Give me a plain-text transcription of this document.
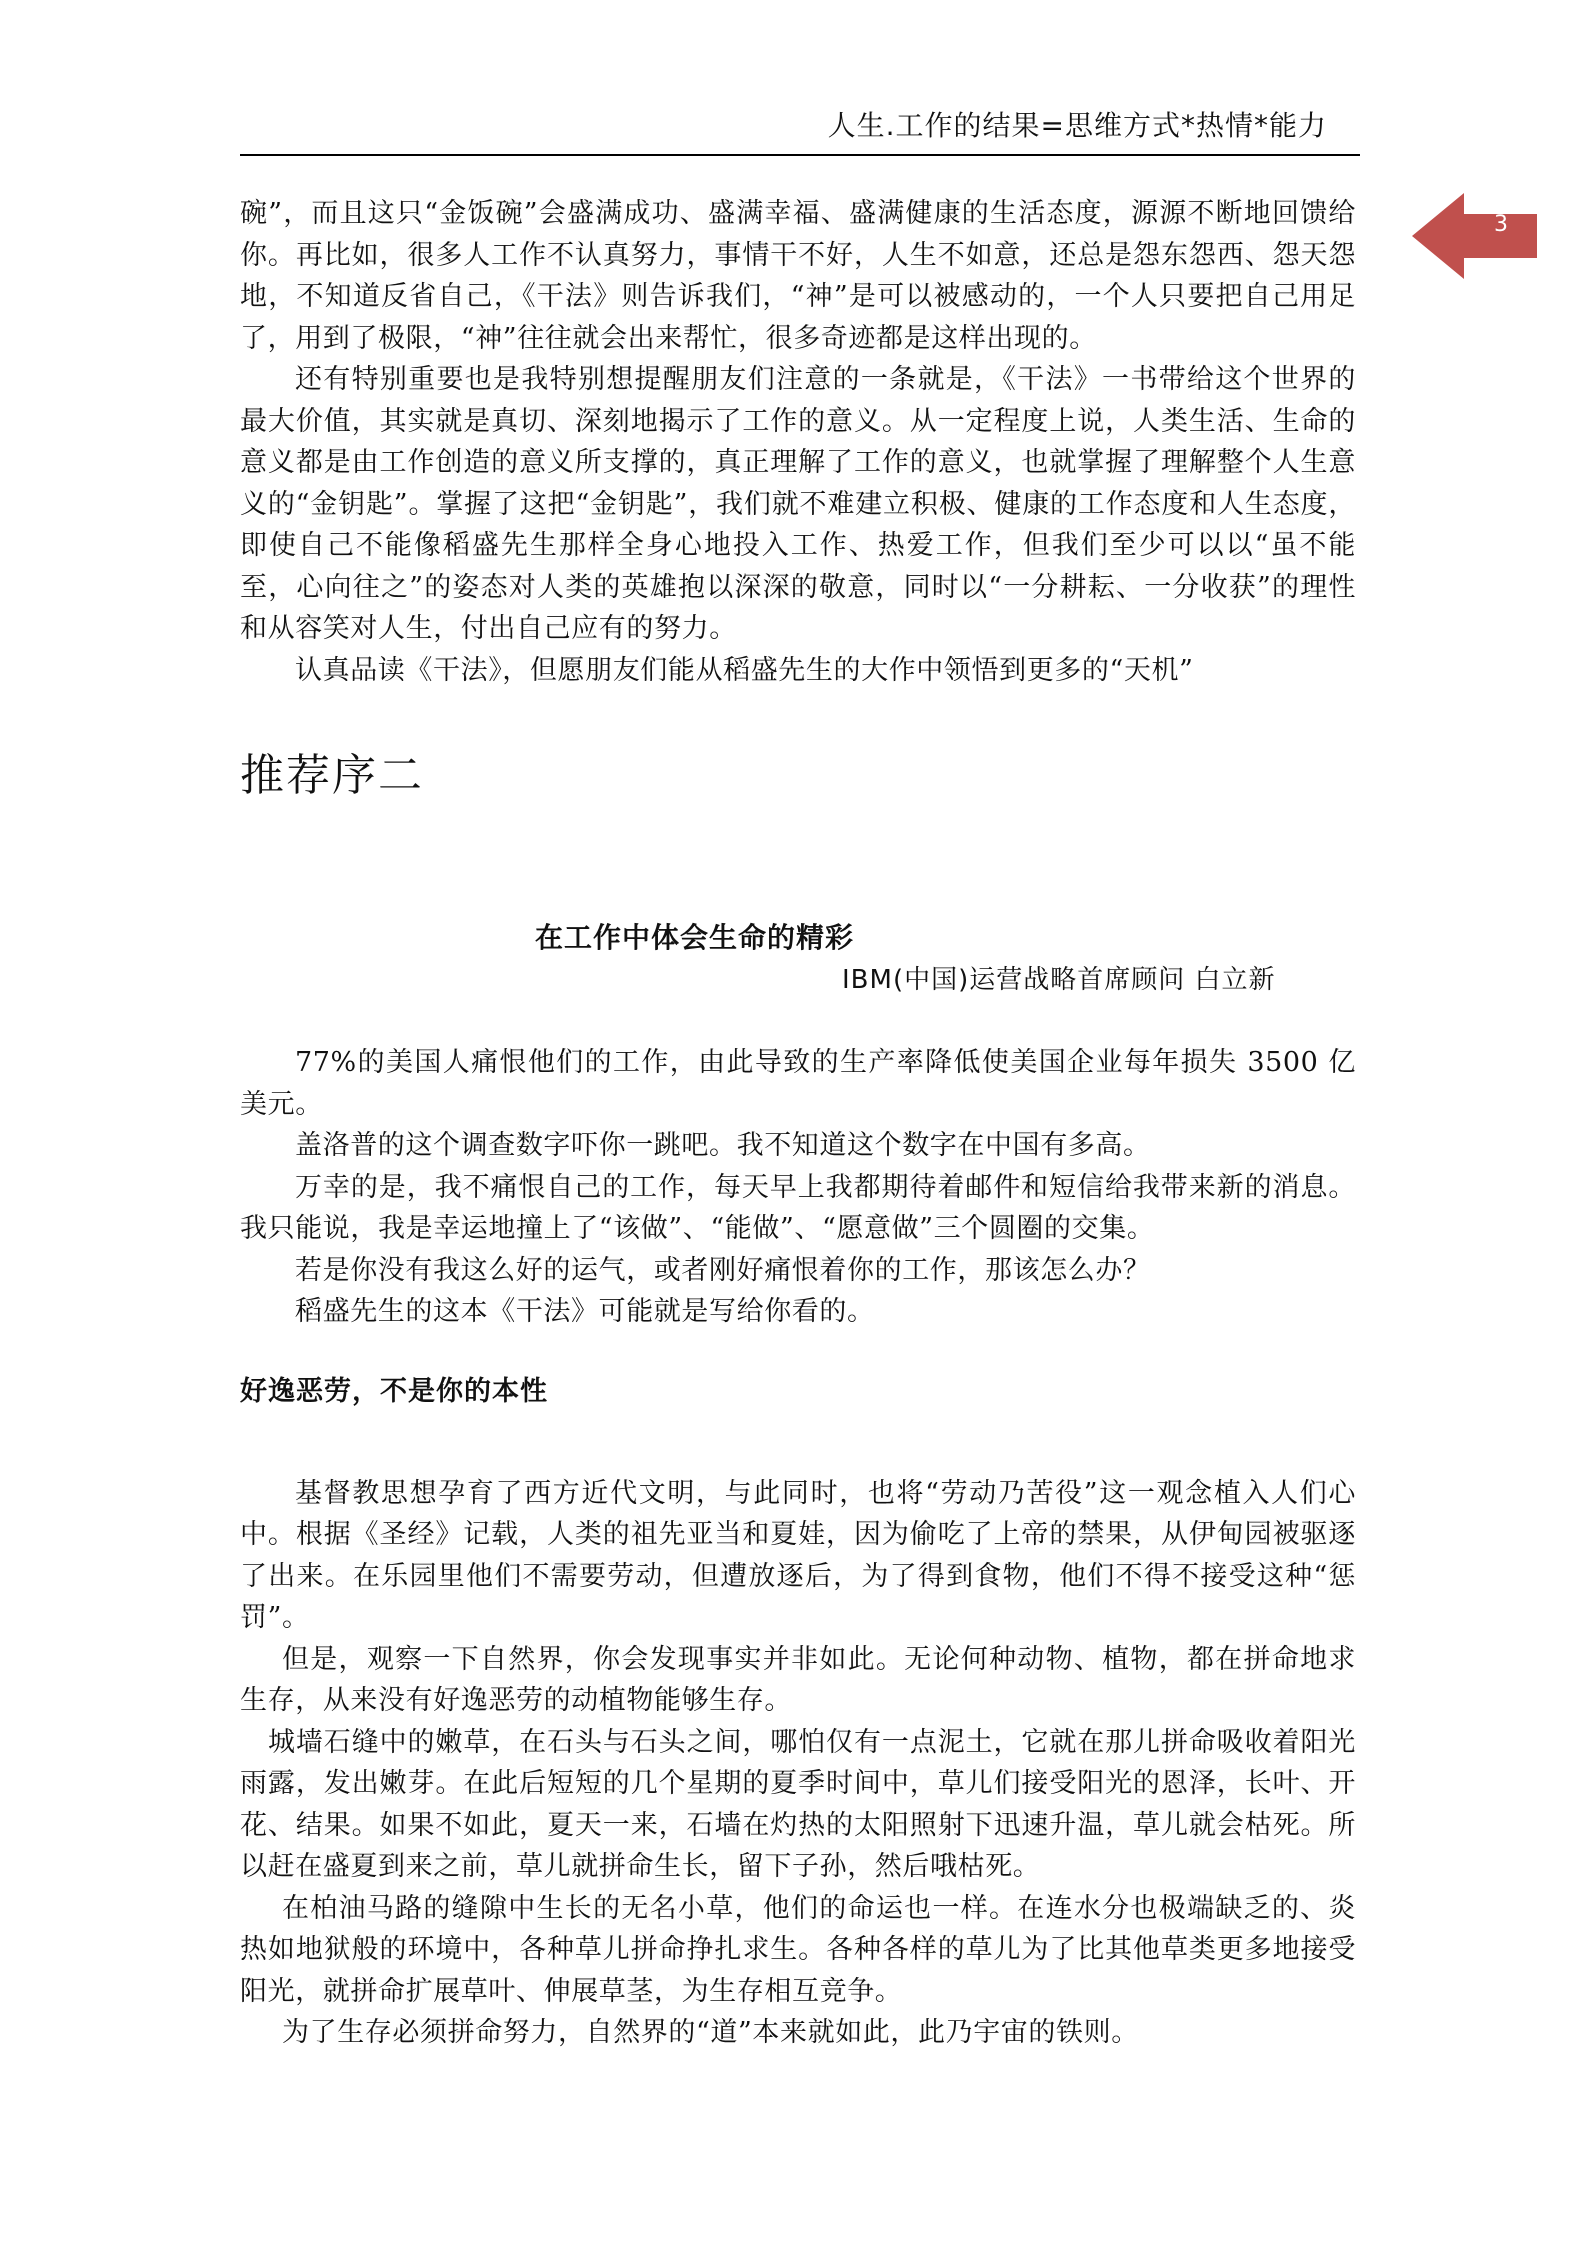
人生.工作的结果=思维方式*热情*能力
3

碗”，而且这只“金饭碗”会盛满成功、盛满幸福、盛满健康的生活态度，源源不断地回馈给你。再比如，很多人工作不认真努力，事情干不好，人生不如意，还总是怨东怨西、怨天怨地，不知道反省自己，《干法》则告诉我们，“神”是可以被感动的，一个人只要把自己用足了，用到了极限，“神”往往就会出来帮忙，很多奇迹都是这样出现的。

还有特别重要也是我特别想提醒朋友们注意的一条就是，《干法》一书带给这个世界的最大价值，其实就是真切、深刻地揭示了工作的意义。从一定程度上说，人类生活、生命的意义都是由工作创造的意义所支撑的，真正理解了工作的意义，也就掌握了理解整个人生意义的“金钥匙”。掌握了这把“金钥匙”，我们就不难建立积极、健康的工作态度和人生态度，即使自己不能像稻盛先生那样全身心地投入工作、热爱工作，但我们至少可以以“虽不能至，心向往之”的姿态对人类的英雄抱以深深的敬意，同时以“一分耕耘、一分收获”的理性和从容笑对人生，付出自己应有的努力。

认真品读《干法》，但愿朋友们能从稻盛先生的大作中领悟到更多的“天机”

推荐序二
在工作中体会生命的精彩
IBM(中国)运营战略首席顾问 白立新

77%的美国人痛恨他们的工作，由此导致的生产率降低使美国企业每年损失 3500 亿美元。

盖洛普的这个调查数字吓你一跳吧。我不知道这个数字在中国有多高。

万幸的是，我不痛恨自己的工作，每天早上我都期待着邮件和短信给我带来新的消息。我只能说，我是幸运地撞上了“该做”、“能做”、“愿意做”三个圆圈的交集。

若是你没有我这么好的运气，或者刚好痛恨着你的工作，那该怎么办？

稻盛先生的这本《干法》可能就是写给你看的。

好逸恶劳，不是你的本性

基督教思想孕育了西方近代文明，与此同时，也将“劳动乃苦役”这一观念植入人们心中。根据《圣经》记载，人类的祖先亚当和夏娃，因为偷吃了上帝的禁果，从伊甸园被驱逐了出来。在乐园里他们不需要劳动，但遭放逐后，为了得到食物，他们不得不接受这种“惩罚”。

但是，观察一下自然界，你会发现事实并非如此。无论何种动物、植物，都在拼命地求生存，从来没有好逸恶劳的动植物能够生存。

城墙石缝中的嫩草，在石头与石头之间，哪怕仅有一点泥土，它就在那儿拼命吸收着阳光雨露，发出嫩芽。在此后短短的几个星期的夏季时间中，草儿们接受阳光的恩泽，长叶、开花、结果。如果不如此，夏天一来，石墙在灼热的太阳照射下迅速升温，草儿就会枯死。所以赶在盛夏到来之前，草儿就拼命生长，留下子孙，然后哦枯死。

在柏油马路的缝隙中生长的无名小草，他们的命运也一样。在连水分也极端缺乏的、炎热如地狱般的环境中，各种草儿拼命挣扎求生。各种各样的草儿为了比其他草类更多地接受阳光，就拼命扩展草叶、伸展草茎，为生存相互竞争。

为了生存必须拼命努力，自然界的“道”本来就如此，此乃宇宙的铁则。
